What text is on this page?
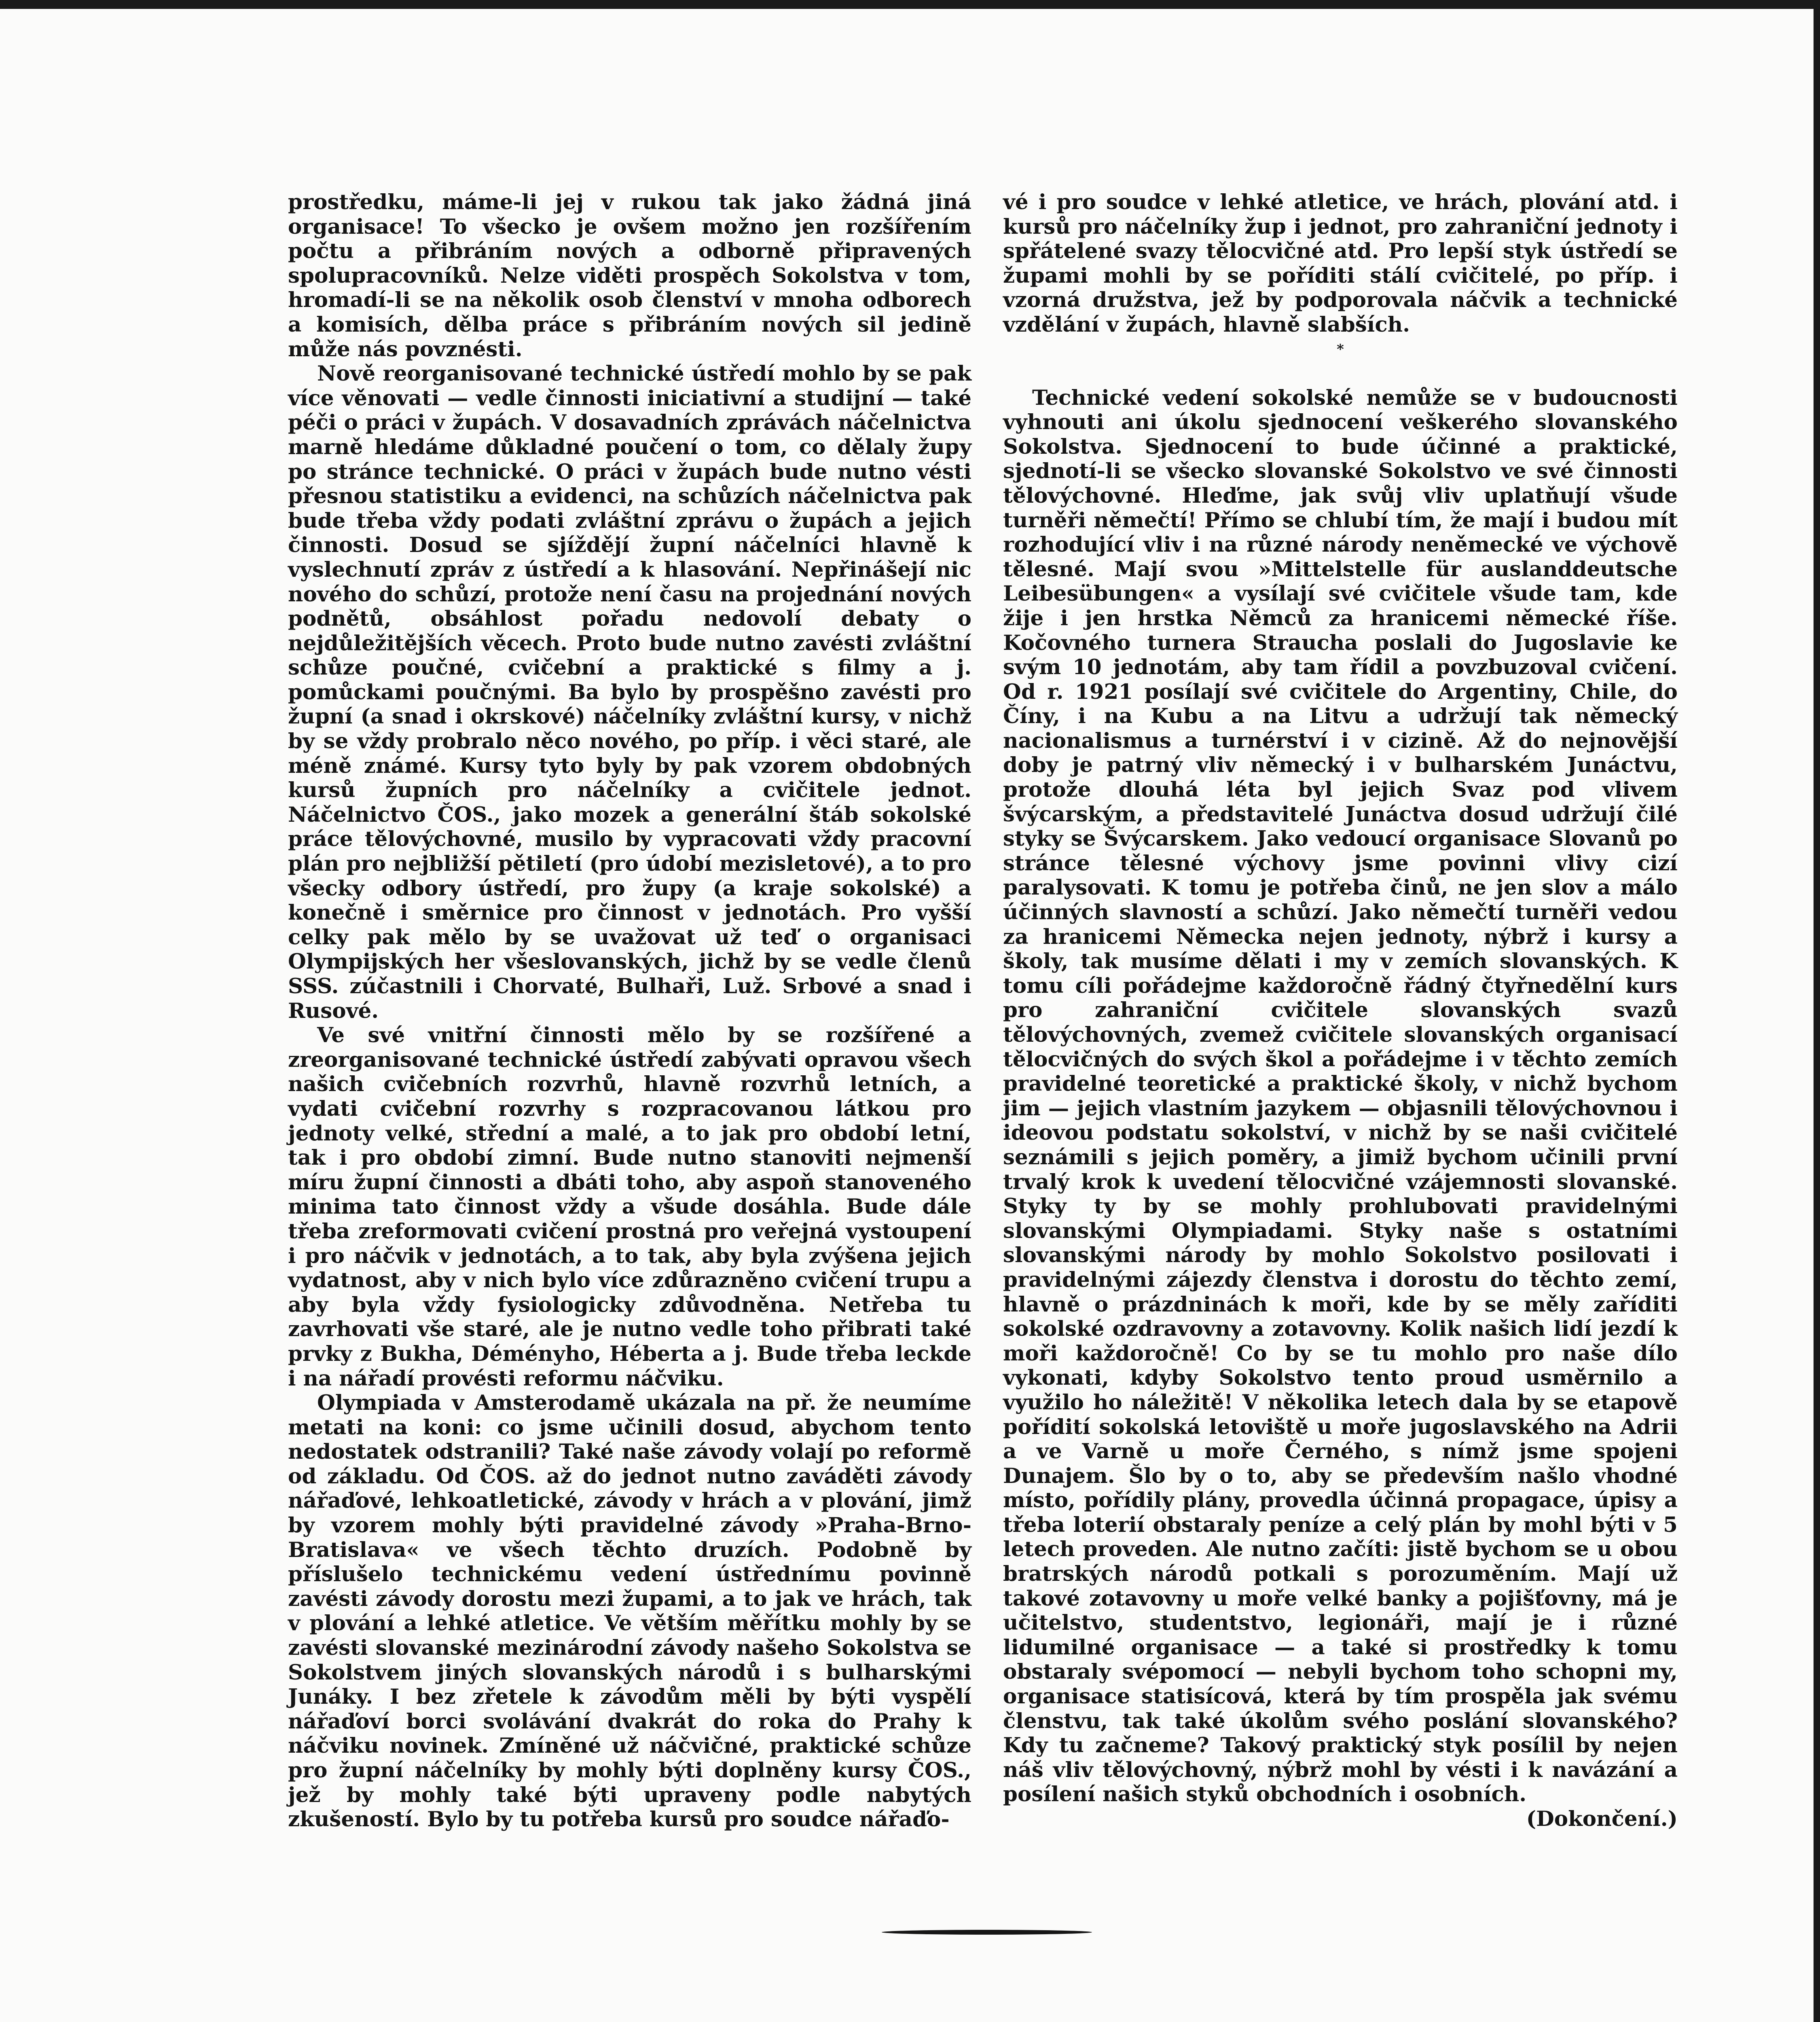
prostředku, máme-li jej v rukou tak jako žádná jiná organisace! To všecko je ovšem možno jen rozšířením počtu a přibráním nových a odborně připravených spolupracovníků. Nelze viděti prospěch Sokolstva v tom, hromadí-li se na několik osob členství v mnoha odborech a komisích, dělba práce s přibráním nových sil jedině může nás povznésti.

Nově reorganisované technické ústředí mohlo by se pak více věnovati — vedle činnosti iniciativní a studijní — také péči o práci v župách. V dosavadních zprávách náčelnictva marně hledáme důkladné poučení o tom, co dělaly župy po stránce technické. O práci v župách bude nutno vésti přesnou statistiku a evidenci, na schůzích náčelnictva pak bude třeba vždy podati zvláštní zprávu o župách a jejich činnosti. Dosud se sjíždějí župní náčelníci hlavně k vyslechnutí zpráv z ústředí a k hlasování. Nepřinášejí nic nového do schůzí, protože není času na projednání nových podnětů, obsáhlost pořadu nedovolí debaty o nejdůležitějších věcech. Proto bude nutno zavésti zvláštní schůze poučné, cvičební a praktické s filmy a j. pomůckami poučnými. Ba bylo by prospěšno zavésti pro župní (a snad i okrskové) náčelníky zvláštní kursy, v nichž by se vždy probralo něco nového, po příp. i věci staré, ale méně známé. Kursy tyto byly by pak vzorem obdobných kursů župních pro náčelníky a cvičitele jednot. Náčelnictvo ČOS., jako mozek a generální štáb sokolské práce tělovýchovné, musilo by vypracovati vždy pracovní plán pro nejbližší pětiletí (pro údobí mezisletové), a to pro všecky odbory ústředí, pro župy (a kraje sokolské) a konečně i směrnice pro činnost v jednotách. Pro vyšší celky pak mělo by se uvažovat už teď o organisaci Olympijských her všeslovanských, jichž by se vedle členů SSS. zúčastnili i Chorvaté, Bulhaři, Luž. Srbové a snad i Rusové.

Ve své vnitřní činnosti mělo by se rozšířené a zreorganisované technické ústředí zabývati opravou všech našich cvičebních rozvrhů, hlavně rozvrhů letních, a vydati cvičební rozvrhy s rozpracovanou látkou pro jednoty velké, střední a malé, a to jak pro období letní, tak i pro období zimní. Bude nutno stanoviti nejmenší míru župní činnosti a dbáti toho, aby aspoň stanoveného minima tato činnost vždy a všude dosáhla. Bude dále třeba zreformovati cvičení prostná pro veřejná vystoupení i pro náčvik v jednotách, a to tak, aby byla zvýšena jejich vydatnost, aby v nich bylo více zdůrazněno cvičení trupu a aby byla vždy fysiologicky zdůvodněna. Netřeba tu zavrhovati vše staré, ale je nutno vedle toho přibrati také prvky z Bukha, Déményho, Héberta a j. Bude třeba leckde i na nářadí provésti reformu náčviku.

Olympiada v Amsterodamě ukázala na př. že neumíme metati na koni: co jsme učinili dosud, abychom tento nedostatek odstranili? Také naše závody volají po reformě od základu. Od ČOS. až do jednot nutno zaváděti závody nářaďové, lehkoatletické, závody v hrách a v plování, jimž by vzorem mohly býti pravidelné závody »Praha-Brno-Bratislava« ve všech těchto druzích. Podobně by příslušelo technickému vedení ústřednímu povinně zavésti závody dorostu mezi župami, a to jak ve hrách, tak v plování a lehké atletice. Ve větším měřítku mohly by se zavésti slovanské mezinárodní závody našeho Sokolstva se Sokolstvem jiných slovanských národů i s bulharskými Junáky. I bez zřetele k závodům měli by býti vyspělí nářaďoví borci svolávání dvakrát do roka do Prahy k náčviku novinek. Zmíněné už náčvičné, praktické schůze pro župní náčelníky by mohly býti doplněny kursy ČOS., jež by mohly také býti upraveny podle nabytých zkušeností. Bylo by tu potřeba kursů pro soudce nářaďo-

vé i pro soudce v lehké atletice, ve hrách, plování atd. i kursů pro náčelníky žup i jednot, pro zahraniční jednoty i spřátelené svazy tělocvičné atd. Pro lepší styk ústředí se župami mohli by se poříditi stálí cvičitelé, po příp. i vzorná družstva, jež by podporovala náčvik a technické vzdělání v župách, hlavně slabších.

*

Technické vedení sokolské nemůže se v budoucnosti vyhnouti ani úkolu sjednocení veškerého slovanského Sokolstva. Sjednocení to bude účinné a praktické, sjednotí-li se všecko slovanské Sokolstvo ve své činnosti tělovýchovné. Hleďme, jak svůj vliv uplatňují všude turněři němečtí! Přímo se chlubí tím, že mají i budou mít rozhodující vliv i na různé národy neněmecké ve výchově tělesné. Mají svou »Mittelstelle für auslanddeutsche Leibesübungen« a vysílají své cvičitele všude tam, kde žije i jen hrstka Němců za hranicemi německé říše. Kočovného turnera Straucha poslali do Jugoslavie ke svým 10 jednotám, aby tam řídil a povzbuzoval cvičení. Od r. 1921 posílají své cvičitele do Argentiny, Chile, do Číny, i na Kubu a na Litvu a udržují tak německý nacionalismus a turnérství i v cizině. Až do nejnovější doby je patrný vliv německý i v bulharském Junáctvu, protože dlouhá léta byl jejich Svaz pod vlivem švýcarským, a představitelé Junáctva dosud udržují čilé styky se Švýcarskem. Jako vedoucí organisace Slovanů po stránce tělesné výchovy jsme povinni vlivy cizí paralysovati. K tomu je potřeba činů, ne jen slov a málo účinných slavností a schůzí. Jako němečtí turněři vedou za hranicemi Německa nejen jednoty, nýbrž i kursy a školy, tak musíme dělati i my v zemích slovanských. K tomu cíli pořádejme každoročně řádný čtyřnedělní kurs pro zahraniční cvičitele slovanských svazů tělovýchovných, zvemež cvičitele slovanských organisací tělocvičných do svých škol a pořádejme i v těchto zemích pravidelné teoretické a praktické školy, v nichž bychom jim — jejich vlastním jazykem — objasnili tělovýchovnou i ideovou podstatu sokolství, v nichž by se naši cvičitelé seznámili s jejich poměry, a jimiž bychom učinili první trvalý krok k uvedení tělocvičné vzájemnosti slovanské. Styky ty by se mohly prohlubovati pravidelnými slovanskými Olympiadami. Styky naše s ostatními slovanskými národy by mohlo Sokolstvo posilovati i pravidelnými zájezdy členstva i dorostu do těchto zemí, hlavně o prázdninách k moři, kde by se měly zaříditi sokolské ozdravovny a zotavovny. Kolik našich lidí jezdí k moři každoročně! Co by se tu mohlo pro naše dílo vykonati, kdyby Sokolstvo tento proud usměrnilo a využilo ho náležitě! V několika letech dala by se etapově pořídití sokolská letoviště u moře jugoslavského na Adrii a ve Varně u moře Černého, s nímž jsme spojeni Dunajem. Šlo by o to, aby se především našlo vhodné místo, pořídily plány, provedla účinná propagace, úpisy a třeba loterií obstaraly peníze a celý plán by mohl býti v 5 letech proveden. Ale nutno začíti: jistě bychom se u obou bratrských národů potkali s porozuměním. Mají už takové zotavovny u moře velké banky a pojišťovny, má je učitelstvo, studentstvo, legionáři, mají je i různé lidumilné organisace — a také si prostředky k tomu obstaraly svépomocí — nebyli bychom toho schopni my, organisace statisícová, která by tím prospěla jak svému členstvu, tak také úkolům svého poslání slovanského? Kdy tu začneme? Takový praktický styk posílil by nejen náš vliv tělovýchovný, nýbrž mohl by vésti i k navázání a posílení našich styků obchodních i osobních.

(Dokončení.)
